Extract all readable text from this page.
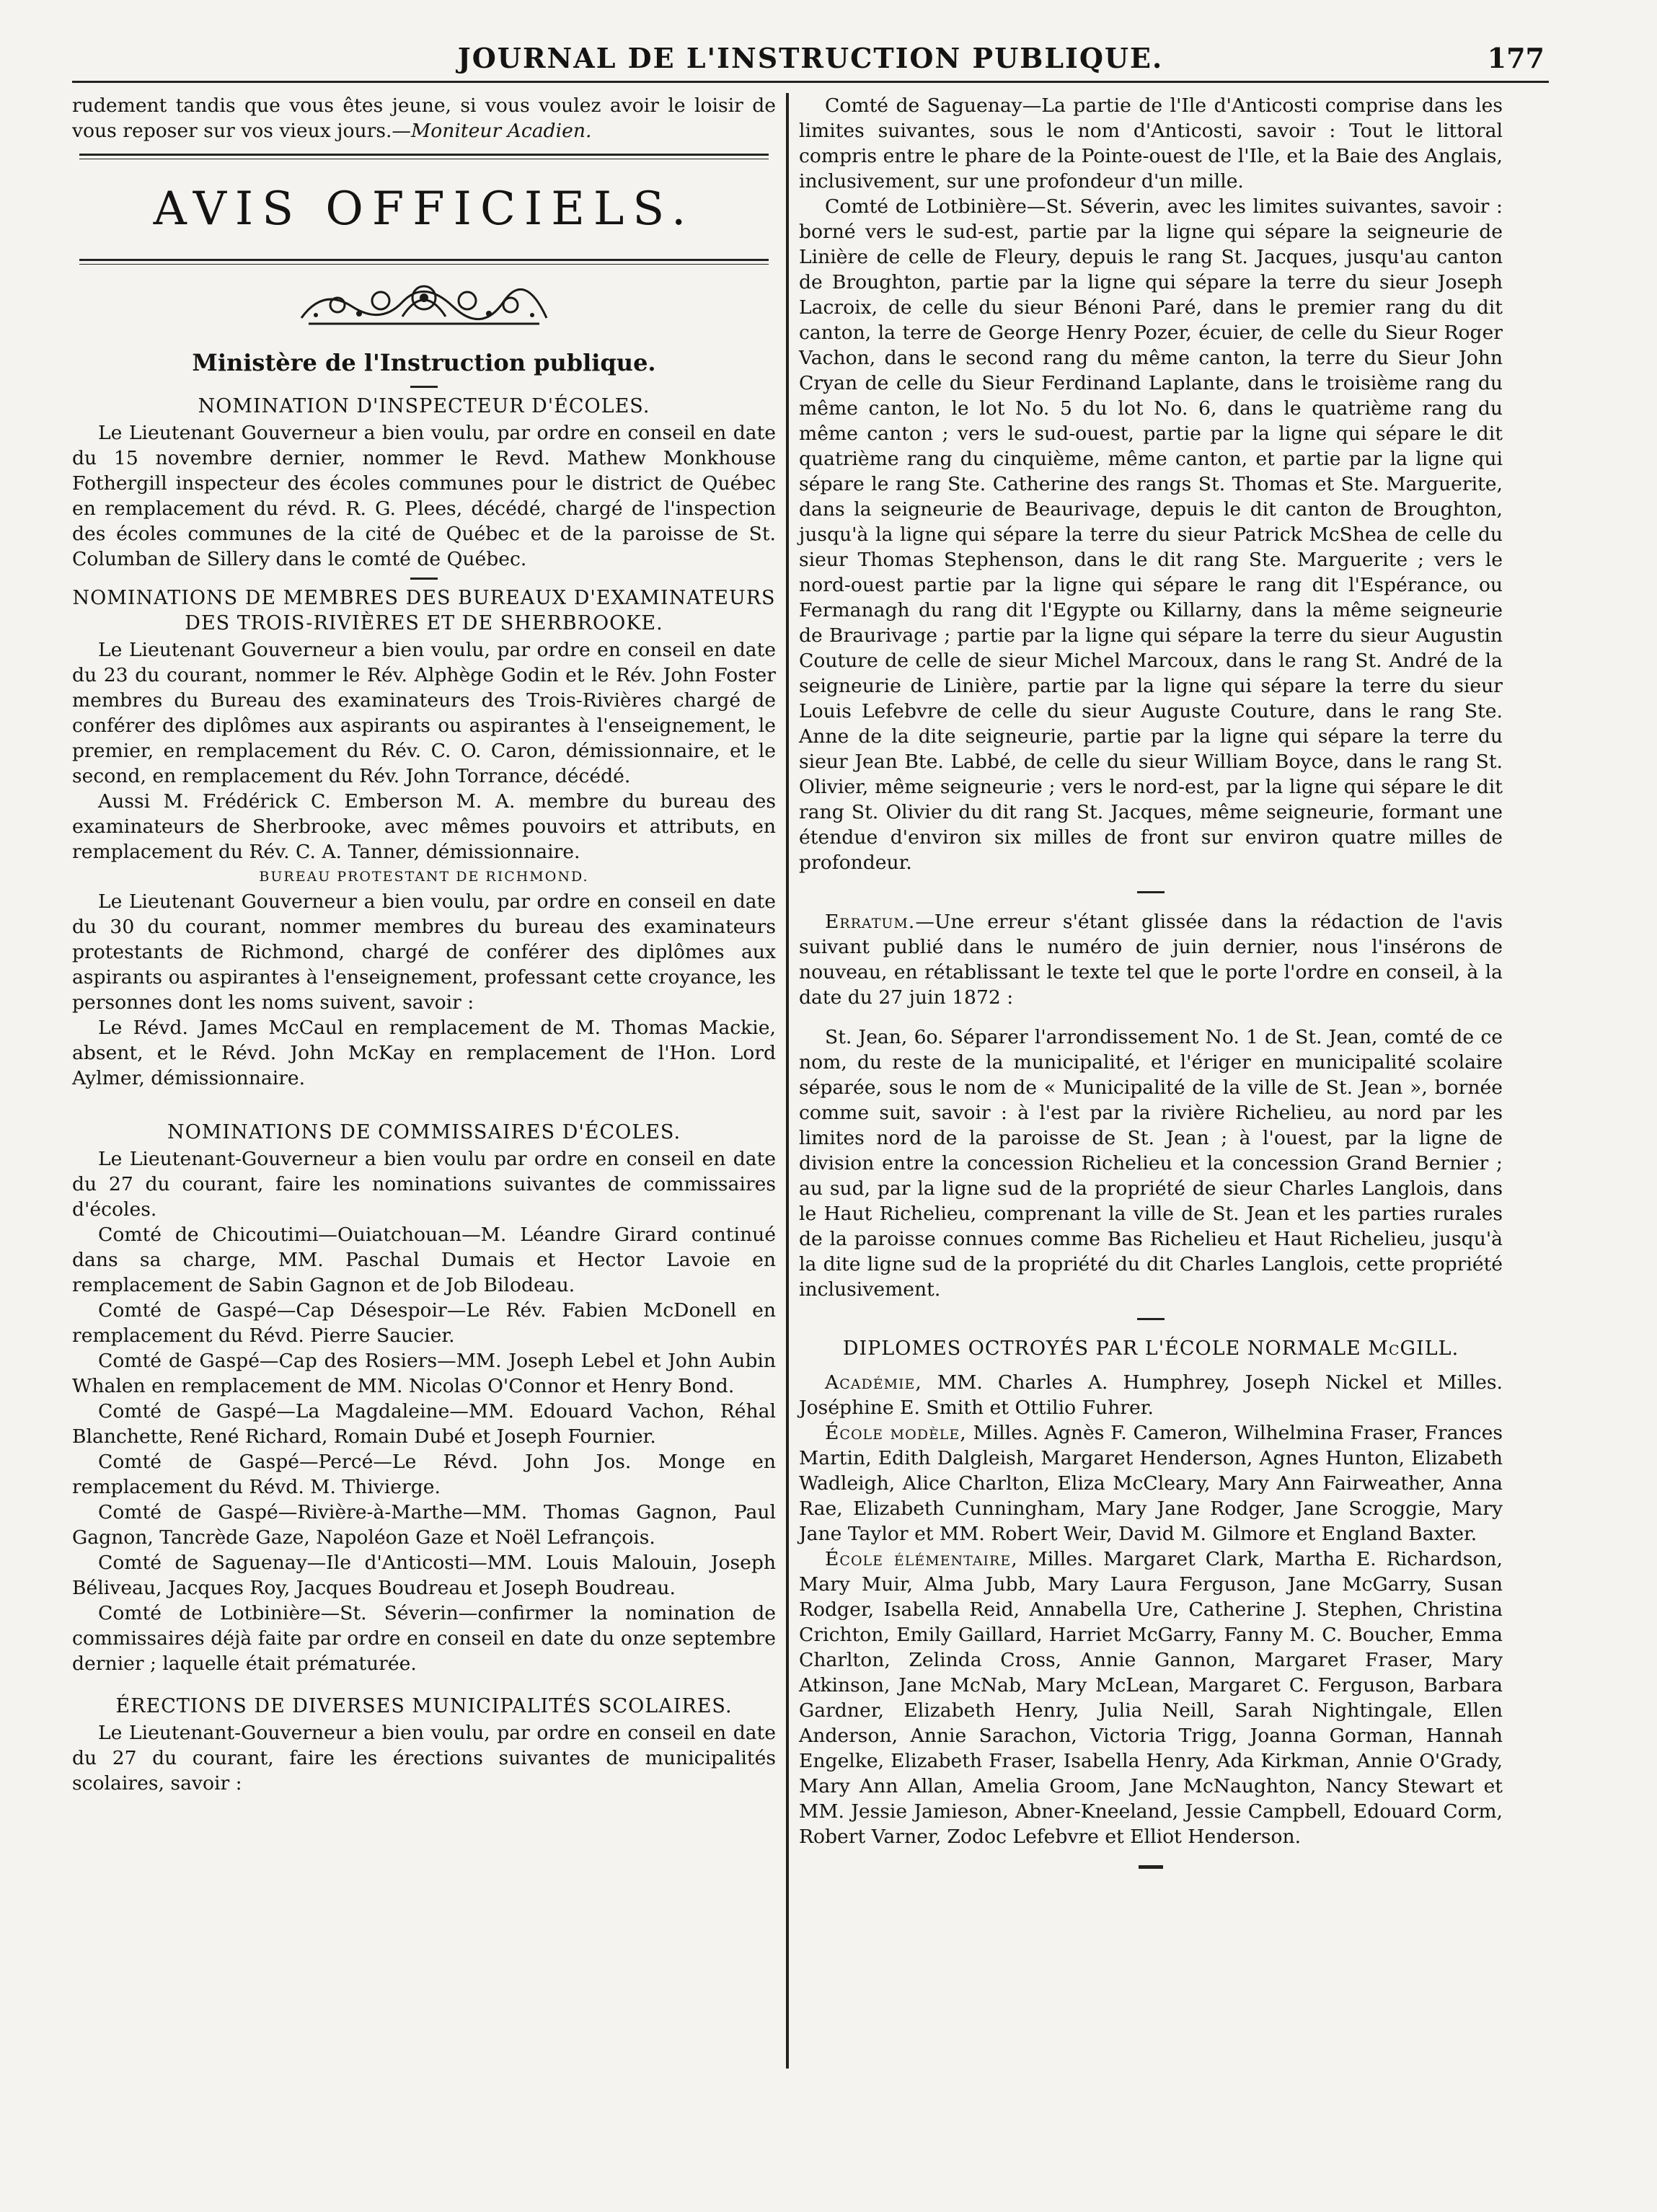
JOURNAL DE L'INSTRUCTION PUBLIQUE.	177

rudement tandis que vous êtes jeune, si vous voulez avoir le loisir de vous reposer sur vos vieux jours.—Moniteur Acadien.

AVIS OFFICIELS.
Ministère de l'Instruction publique.
NOMINATION D'INSPECTEUR D'ÉCOLES.

Le Lieutenant Gouverneur a bien voulu, par ordre en conseil en date du 15 novembre dernier, nommer le Revd. Mathew Monkhouse Fothergill inspecteur des écoles communes pour le district de Québec en remplacement du révd. R. G. Plees, décédé, chargé de l'inspection des écoles communes de la cité de Québec et de la paroisse de St. Columban de Sillery dans le comté de Québec.

NOMINATIONS DE MEMBRES DES BUREAUX D'EXAMINATEURS DES TROIS-RIVIÈRES ET DE SHERBROOKE.

Le Lieutenant Gouverneur a bien voulu, par ordre en conseil en date du 23 du courant, nommer le Rév. Alphège Godin et le Rév. John Foster membres du Bureau des examinateurs des Trois-Rivières chargé de conférer des diplômes aux aspirants ou aspirantes à l'enseignement, le premier, en remplacement du Rév. C. O. Caron, démissionnaire, et le second, en remplacement du Rév. John Torrance, décédé.

Aussi M. Frédérick C. Emberson M. A. membre du bureau des examinateurs de Sherbrooke, avec mêmes pouvoirs et attributs, en remplacement du Rév. C. A. Tanner, démissionnaire.

BUREAU PROTESTANT DE RICHMOND.

Le Lieutenant Gouverneur a bien voulu, par ordre en conseil en date du 30 du courant, nommer membres du bureau des examinateurs protestants de Richmond, chargé de conférer des diplômes aux aspirants ou aspirantes à l'enseignement, professant cette croyance, les personnes dont les noms suivent, savoir :

Le Révd. James McCaul en remplacement de M. Thomas Mackie, absent, et le Révd. John McKay en remplacement de l'Hon. Lord Aylmer, démissionnaire.

NOMINATIONS DE COMMISSAIRES D'ÉCOLES.

Le Lieutenant-Gouverneur a bien voulu par ordre en conseil en date du 27 du courant, faire les nominations suivantes de commissaires d'écoles.

Comté de Chicoutimi—Ouiatchouan—M. Léandre Girard continué dans sa charge, MM. Paschal Dumais et Hector Lavoie en remplacement de Sabin Gagnon et de Job Bilodeau.

Comté de Gaspé—Cap Désespoir—Le Rév. Fabien McDonell en remplacement du Révd. Pierre Saucier.

Comté de Gaspé—Cap des Rosiers—MM. Joseph Lebel et John Aubin Whalen en remplacement de MM. Nicolas O'Connor et Henry Bond.

Comté de Gaspé—La Magdaleine—MM. Edouard Vachon, Réhal Blanchette, René Richard, Romain Dubé et Joseph Fournier.

Comté de Gaspé—Percé—Le Révd. John Jos. Monge en remplacement du Révd. M. Thivierge.

Comté de Gaspé—Rivière-à-Marthe—MM. Thomas Gagnon, Paul Gagnon, Tancrède Gaze, Napoléon Gaze et Noël Lefrançois.

Comté de Saguenay—Ile d'Anticosti—MM. Louis Malouin, Joseph Béliveau, Jacques Roy, Jacques Boudreau et Joseph Boudreau.

Comté de Lotbinière—St. Séverin—confirmer la nomination de commissaires déjà faite par ordre en conseil en date du onze septembre dernier ; laquelle était prématurée.

ÉRECTIONS DE DIVERSES MUNICIPALITÉS SCOLAIRES.

Le Lieutenant-Gouverneur a bien voulu, par ordre en conseil en date du 27 du courant, faire les érections suivantes de municipalités scolaires, savoir :

Comté de Saguenay—La partie de l'Ile d'Anticosti comprise dans les limites suivantes, sous le nom d'Anticosti, savoir : Tout le littoral compris entre le phare de la Pointe-ouest de l'Ile, et la Baie des Anglais, inclusivement, sur une profondeur d'un mille.

Comté de Lotbinière—St. Séverin, avec les limites suivantes, savoir : borné vers le sud-est, partie par la ligne qui sépare la seigneurie de Linière de celle de Fleury, depuis le rang St. Jacques, jusqu'au canton de Broughton, partie par la ligne qui sépare la terre du sieur Joseph Lacroix, de celle du sieur Bénoni Paré, dans le premier rang du dit canton, la terre de George Henry Pozer, écuier, de celle du Sieur Roger Vachon, dans le second rang du même canton, la terre du Sieur John Cryan de celle du Sieur Ferdinand Laplante, dans le troisième rang du même canton, le lot No. 5 du lot No. 6, dans le quatrième rang du même canton ; vers le sud-ouest, partie par la ligne qui sépare le dit quatrième rang du cinquième, même canton, et partie par la ligne qui sépare le rang Ste. Catherine des rangs St. Thomas et Ste. Marguerite, dans la seigneurie de Beaurivage, depuis le dit canton de Broughton, jusqu'à la ligne qui sépare la terre du sieur Patrick McShea de celle du sieur Thomas Stephenson, dans le dit rang Ste. Marguerite ; vers le nord-ouest partie par la ligne qui sépare le rang dit l'Espérance, ou Fermanagh du rang dit l'Egypte ou Killarny, dans la même seigneurie de Braurivage ; partie par la ligne qui sépare la terre du sieur Augustin Couture de celle de sieur Michel Marcoux, dans le rang St. André de la seigneurie de Linière, partie par la ligne qui sépare la terre du sieur Louis Lefebvre de celle du sieur Auguste Couture, dans le rang Ste. Anne de la dite seigneurie, partie par la ligne qui sépare la terre du sieur Jean Bte. Labbé, de celle du sieur William Boyce, dans le rang St. Olivier, même seigneurie ; vers le nord-est, par la ligne qui sépare le dit rang St. Olivier du dit rang St. Jacques, même seigneurie, formant une étendue d'environ six milles de front sur environ quatre milles de profondeur.

Erratum.—Une erreur s'étant glissée dans la rédaction de l'avis suivant publié dans le numéro de juin dernier, nous l'insérons de nouveau, en rétablissant le texte tel que le porte l'ordre en conseil, à la date du 27 juin 1872 :

St. Jean, 6o. Séparer l'arrondissement No. 1 de St. Jean, comté de ce nom, du reste de la municipalité, et l'ériger en municipalité scolaire séparée, sous le nom de « Municipalité de la ville de St. Jean », bornée comme suit, savoir : à l'est par la rivière Richelieu, au nord par les limites nord de la paroisse de St. Jean ; à l'ouest, par la ligne de division entre la concession Richelieu et la concession Grand Bernier ; au sud, par la ligne sud de la propriété de sieur Charles Langlois, dans le Haut Richelieu, comprenant la ville de St. Jean et les parties rurales de la paroisse connues comme Bas Richelieu et Haut Richelieu, jusqu'à la dite ligne sud de la propriété du dit Charles Langlois, cette propriété inclusivement.

DIPLOMES OCTROYÉS PAR L'ÉCOLE NORMALE McGILL.

Académie, MM. Charles A. Humphrey, Joseph Nickel et Milles. Joséphine E. Smith et Ottilio Fuhrer.

École modèle, Milles. Agnès F. Cameron, Wilhelmina Fraser, Frances Martin, Edith Dalgleish, Margaret Henderson, Agnes Hunton, Elizabeth Wadleigh, Alice Charlton, Eliza McCleary, Mary Ann Fairweather, Anna Rae, Elizabeth Cunningham, Mary Jane Rodger, Jane Scroggie, Mary Jane Taylor et MM. Robert Weir, David M. Gilmore et England Baxter.

École élémentaire, Milles. Margaret Clark, Martha E. Richardson, Mary Muir, Alma Jubb, Mary Laura Ferguson, Jane McGarry, Susan Rodger, Isabella Reid, Annabella Ure, Catherine J. Stephen, Christina Crichton, Emily Gaillard, Harriet McGarry, Fanny M. C. Boucher, Emma Charlton, Zelinda Cross, Annie Gannon, Margaret Fraser, Mary Atkinson, Jane McNab, Mary McLean, Margaret C. Ferguson, Barbara Gardner, Elizabeth Henry, Julia Neill, Sarah Nightingale, Ellen Anderson, Annie Sarachon, Victoria Trigg, Joanna Gorman, Hannah Engelke, Elizabeth Fraser, Isabella Henry, Ada Kirkman, Annie O'Grady, Mary Ann Allan, Amelia Groom, Jane McNaughton, Nancy Stewart et MM. Jessie Jamieson, Abner-Kneeland, Jessie Campbell, Edouard Corm, Robert Varner, Zodoc Lefebvre et Elliot Henderson.
